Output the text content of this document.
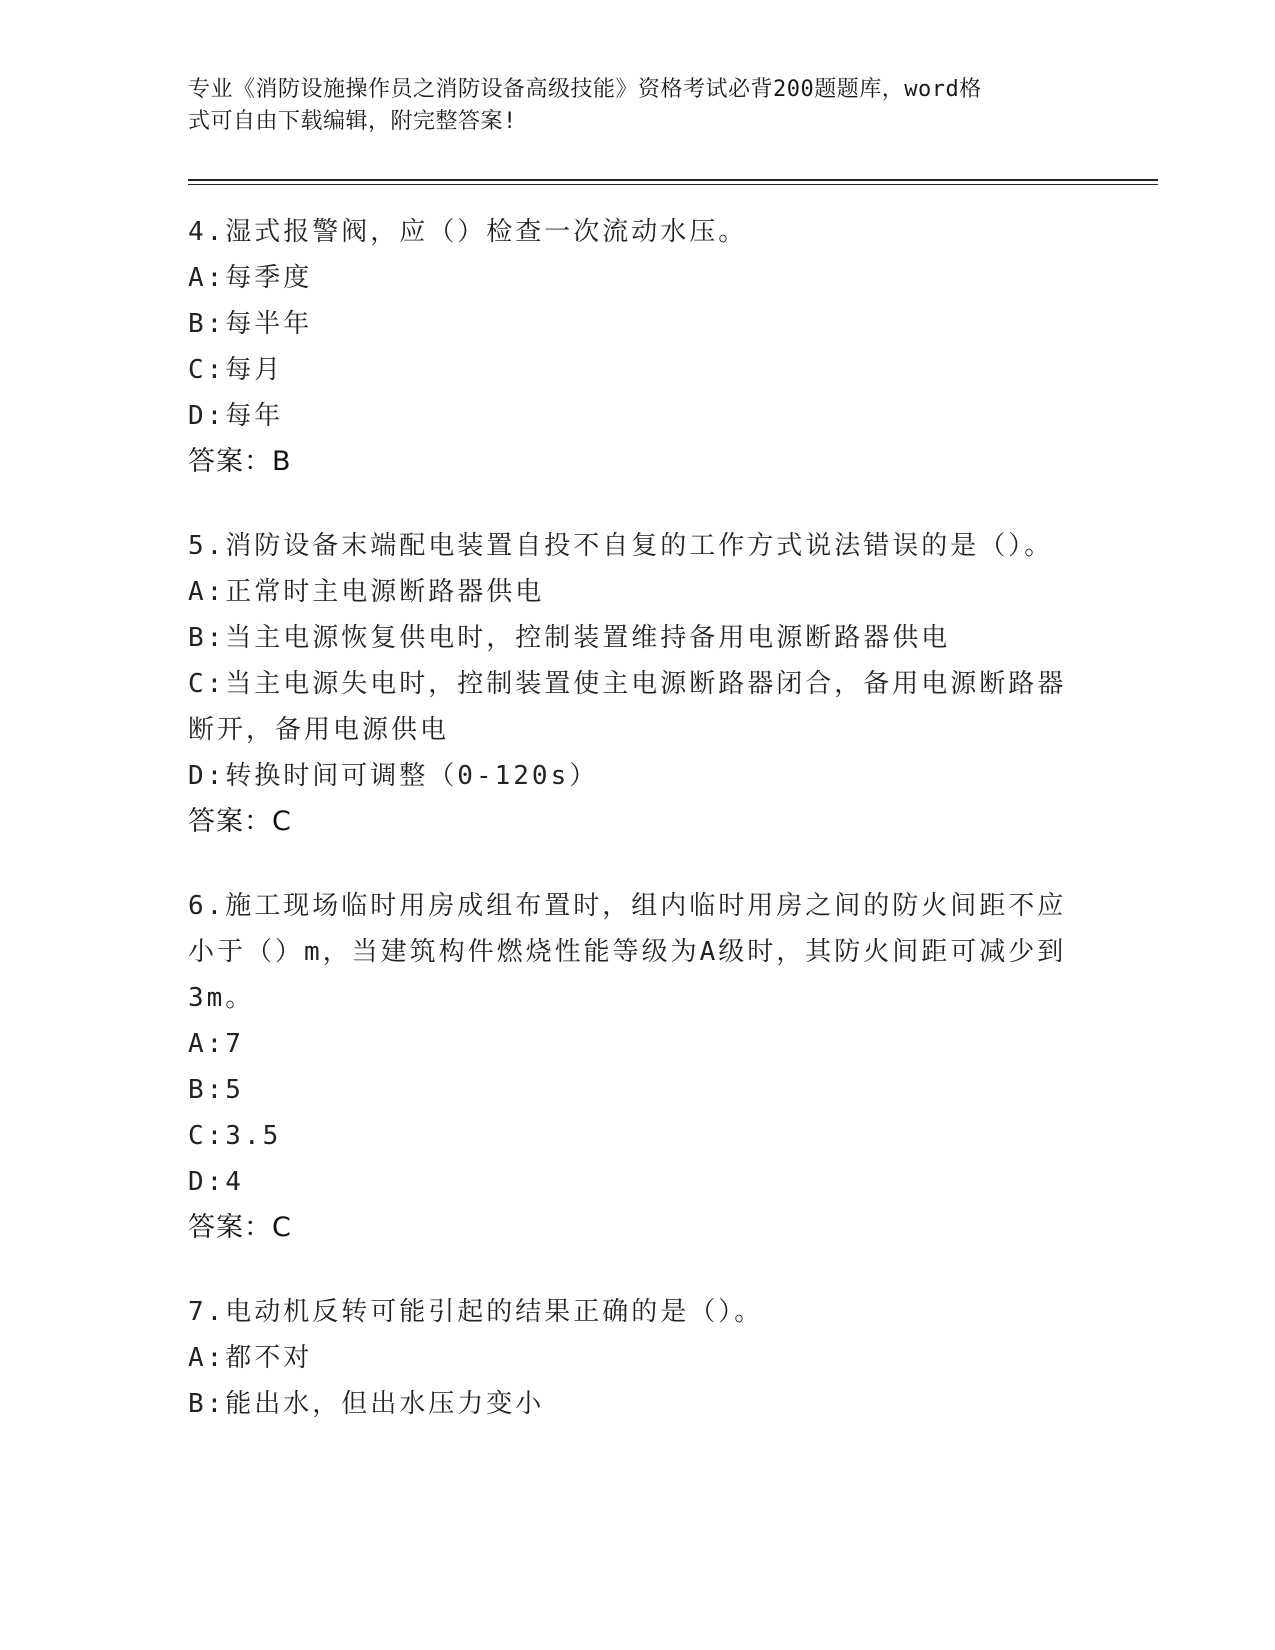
专业《消防设施操作员之消防设备高级技能》资格考试必背200题题库，word格
式可自由下载编辑，附完整答案!
4.湿式报警阀，应（）检查一次流动水压。
A:每季度
B:每半年
C:每月
D:每年
答案：B
5.消防设备末端配电装置自投不自复的工作方式说法错误的是（）。
A:正常时主电源断路器供电
B:当主电源恢复供电时，控制装置维持备用电源断路器供电
C:当主电源失电时，控制装置使主电源断路器闭合，备用电源断路器
断开，备用电源供电
D:转换时间可调整（0-120s）
答案：C
6.施工现场临时用房成组布置时，组内临时用房之间的防火间距不应
小于（）m，当建筑构件燃烧性能等级为A级时，其防火间距可减少到
3m。
A:7
B:5
C:3.5
D:4
答案：C
7.电动机反转可能引起的结果正确的是（）。
A:都不对
B:能出水，但出水压力变小
